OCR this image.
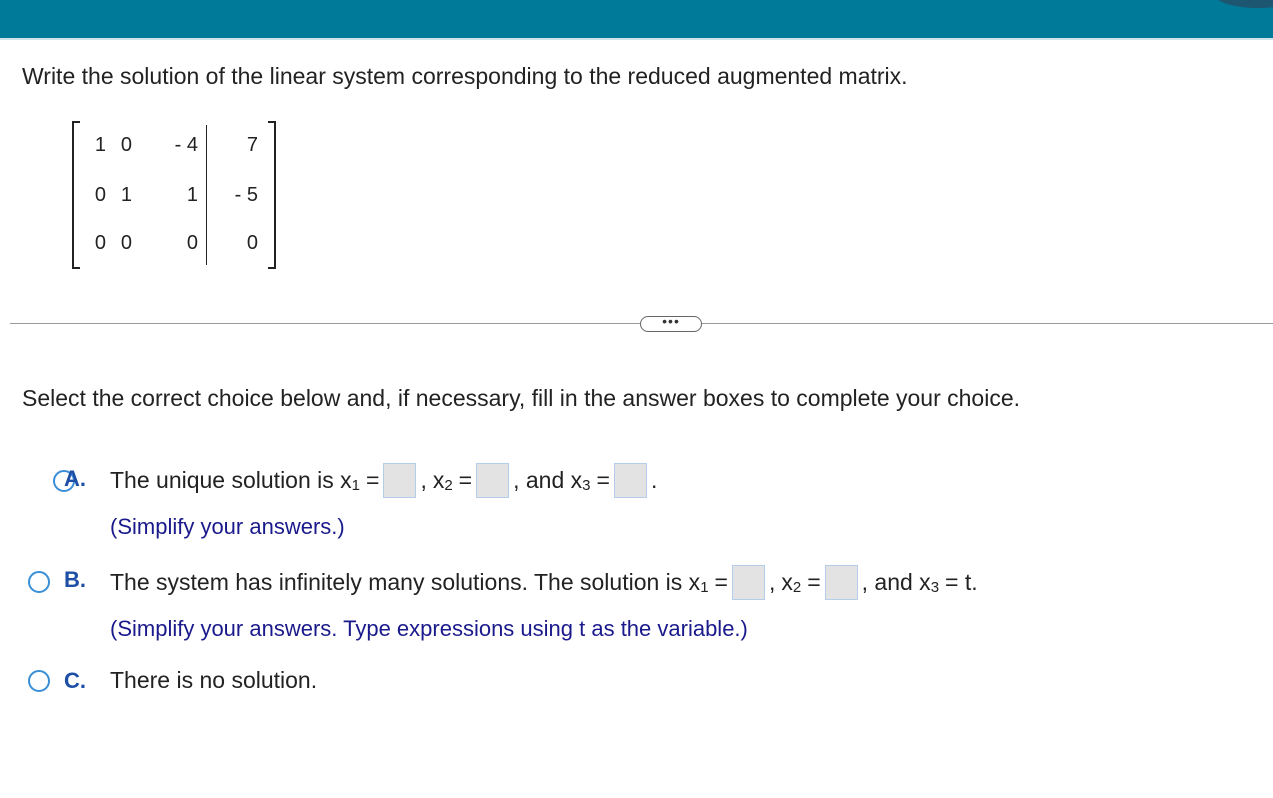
Write the solution of the linear system corresponding to the reduced augmented matrix.
1 0	- 4	7
0 1	1	- 5
0 0	0	0
•••
Select the correct choice below and, if necessary, fill in the answer boxes to complete your choice.
A. The unique solution is $x_1$ = , $x_2$ = , and $x_3$ = .
(Simplify your answers.)
B. The system has infinitely many solutions. The solution is $x_1$ = , $x_2$ = , and $x_3 = t$.
(Simplify your answers. Type expressions using t as the variable.)
C. There is no solution.
